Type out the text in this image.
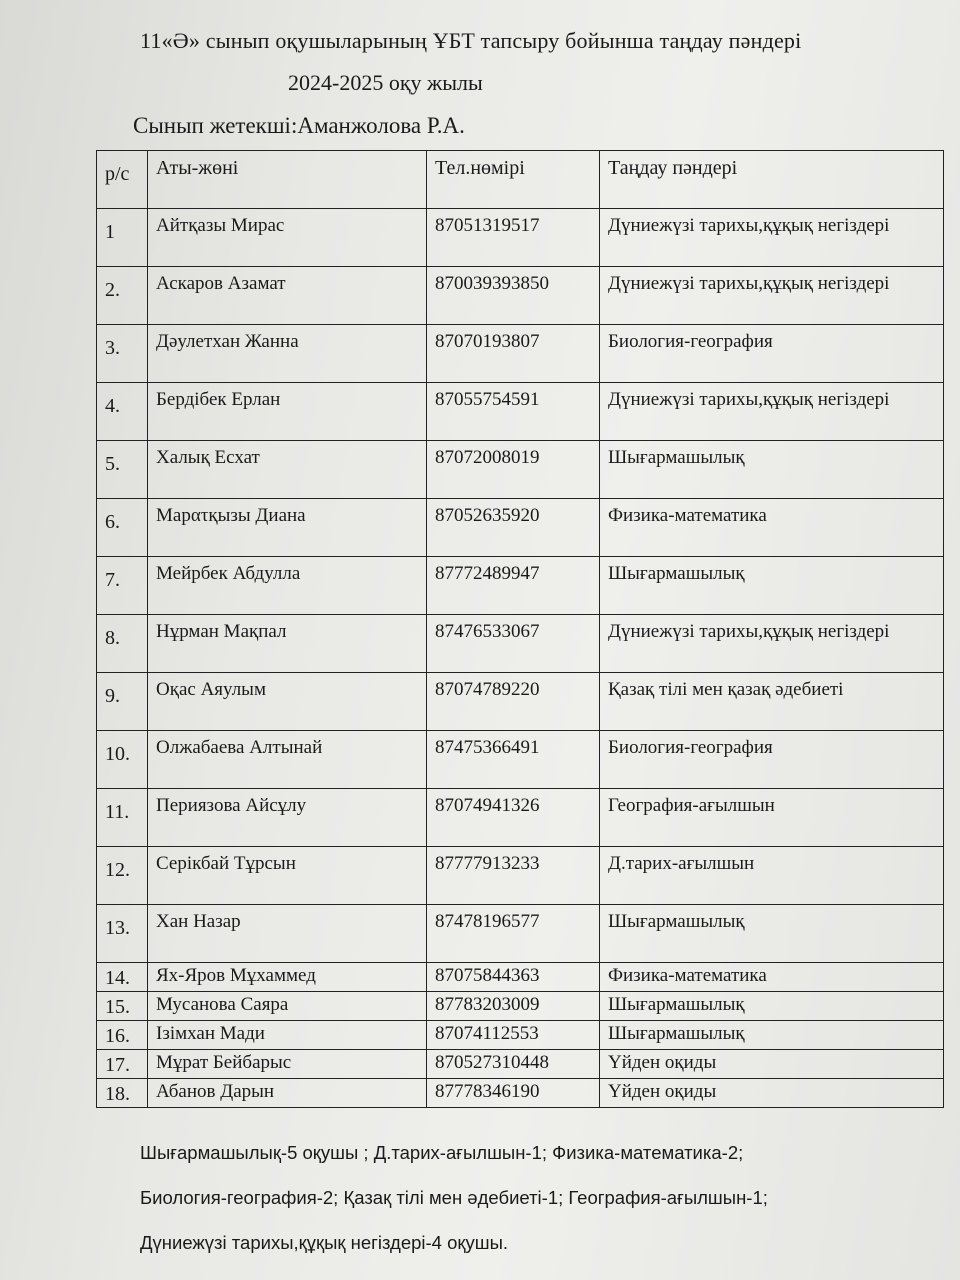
11«Ә» сынып оқушыларының ҰБТ тапсыру бойынша таңдау пәндері
2024-2025 оқу жылы
Сынып жетекші:Аманжолова Р.А.
р/с	Аты-жөні	Тел.нөмірі	Таңдау пәндері
1	Айтқазы Мирас	87051319517	Дүниежүзі тарихы,құқық негіздері
2.	Аскаров Азамат	870039393850	Дүниежүзі тарихы,құқық негіздері
3.	Дәулетхан Жанна	87070193807	Биология-география
4.	Бердібек Ерлан	87055754591	Дүниежүзі тарихы,құқық негіздері
5.	Халық Есхат	87072008019	Шығармашылық
6.	Марατқызы Диана	87052635920	Физика-математика
7.	Мейрбек Абдулла	87772489947	Шығармашылық
8.	Нұрман Мақпал	87476533067	Дүниежүзі тарихы,құқық негіздері
9.	Оқас Аяулым	87074789220	Қазақ тілі мен қазақ әдебиеті
10.	Олжабаева Алтынай	87475366491	Биология-география
11.	Периязова Айсұлу	87074941326	География-ағылшын
12.	Серікбай Тұрсын	87777913233	Д.тарих-ағылшын
13.	Хан Назар	87478196577	Шығармашылық
14.	Ях-Яров Мұхаммед	87075844363	Физика-математика
15.	Мусанова Саяра	87783203009	Шығармашылық
16.	Ізімхан Мади	87074112553	Шығармашылық
17.	Мұрат Бейбарыс	870527310448	Үйден оқиды
18.	Абанов Дарын	87778346190	Үйден оқиды
Шығармашылық-5 оқушы ; Д.тарих-ағылшын-1; Физика-математика-2;
Биология-география-2; Қазақ тілі мен әдебиеті-1; География-ағылшын-1;
Дүниежүзі тарихы,құқық негіздері-4 оқушы.
